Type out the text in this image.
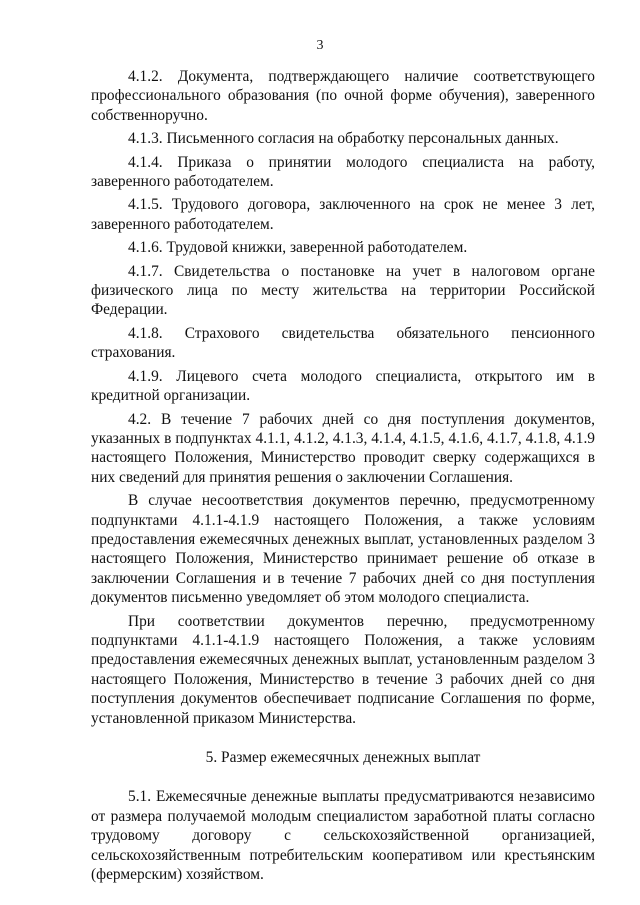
3

4.1.2. Документа, подтверждающего наличие соответствующего профессионального образования (по очной форме обучения), заверенного собственноручно.

4.1.3. Письменного согласия на обработку персональных данных.

4.1.4. Приказа о принятии молодого специалиста на работу, заверенного работодателем.

4.1.5. Трудового договора, заключенного на срок не менее 3 лет, заверенного работодателем.

4.1.6. Трудовой книжки, заверенной работодателем.

4.1.7. Свидетельства о постановке на учет в налоговом органе физического лица по месту жительства на территории Российской Федерации.

4.1.8. Страхового свидетельства обязательного пенсионного страхования.

4.1.9. Лицевого счета молодого специалиста, открытого им в кредитной организации.

4.2. В течение 7 рабочих дней со дня поступления документов, указанных в подпунктах 4.1.1, 4.1.2, 4.1.3, 4.1.4, 4.1.5, 4.1.6, 4.1.7, 4.1.8, 4.1.9 настоящего Положения, Министерство проводит сверку содержащихся в них сведений для принятия решения о заключении Соглашения.

В случае несоответствия документов перечню, предусмотренному подпунктами 4.1.1-4.1.9 настоящего Положения, а также условиям предоставления ежемесячных денежных выплат, установленных разделом 3 настоящего Положения, Министерство принимает решение об отказе в заключении Соглашения и в течение 7 рабочих дней со дня поступления документов письменно уведомляет об этом молодого специалиста.

При соответствии документов перечню, предусмотренному подпунктами 4.1.1-4.1.9 настоящего Положения, а также условиям предоставления ежемесячных денежных выплат, установленным разделом 3 настоящего Положения, Министерство в течение 3 рабочих дней со дня поступления документов обеспечивает подписание Соглашения по форме, установленной приказом Министерства.

5. Размер ежемесячных денежных выплат

5.1. Ежемесячные денежные выплаты предусматриваются независимо от размера получаемой молодым специалистом заработной платы согласно трудовому договору с сельскохозяйственной организацией, сельскохозяйственным потребительским кооперативом или крестьянским (фермерским) хозяйством.
